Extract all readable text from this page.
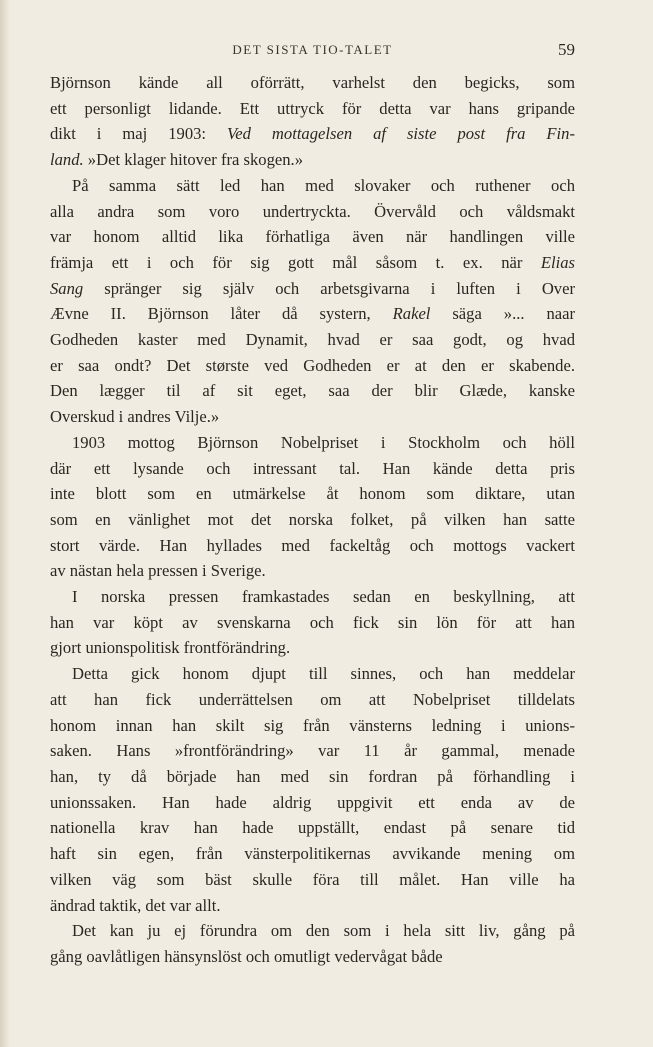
DET SISTA TIO-TALET	59
Björnson kände all oförrätt, varhelst den begicks, som
ett personligt lidande. Ett uttryck för detta var hans gripande
dikt i maj 1903: Ved mottagelsen af siste post fra Fin-
land. »Det klager hitover fra skogen.»
På samma sätt led han med slovaker och ruthener och
alla andra som voro undertryckta. Övervåld och våldsmakt
var honom alltid lika förhatliga även när handlingen ville
främja ett i och för sig gott mål såsom t. ex. när Elias
Sang spränger sig själv och arbetsgivarna i luften i Over
Ævne II. Björnson låter då systern, Rakel säga »... naar
Godheden kaster med Dynamit, hvad er saa godt, og hvad
er saa ondt? Det største ved Godheden er at den er skabende.
Den lægger til af sit eget, saa der blir Glæde, kanske
Overskud i andres Vilje.»
1903 mottog Björnson Nobelpriset i Stockholm och höll
där ett lysande och intressant tal. Han kände detta pris
inte blott som en utmärkelse åt honom som diktare, utan
som en vänlighet mot det norska folket, på vilken han satte
stort värde. Han hyllades med fackeltåg och mottogs vackert
av nästan hela pressen i Sverige.
I norska pressen framkastades sedan en beskyllning, att
han var köpt av svenskarna och fick sin lön för att han
gjort unionspolitisk frontförändring.
Detta gick honom djupt till sinnes, och han meddelar
att han fick underrättelsen om att Nobelpriset tilldelats
honom innan han skilt sig från vänsterns ledning i unions-
saken. Hans »frontförändring» var 11 år gammal, menade
han, ty då började han med sin fordran på förhandling i
unionssaken. Han hade aldrig uppgivit ett enda av de
nationella krav han hade uppställt, endast på senare tid
haft sin egen, från vänsterpolitikernas avvikande mening om
vilken väg som bäst skulle föra till målet. Han ville ha
ändrad taktik, det var allt.
Det kan ju ej förundra om den som i hela sitt liv, gång på
gång oavlåtligen hänsynslöst och omutligt vedervågat både
